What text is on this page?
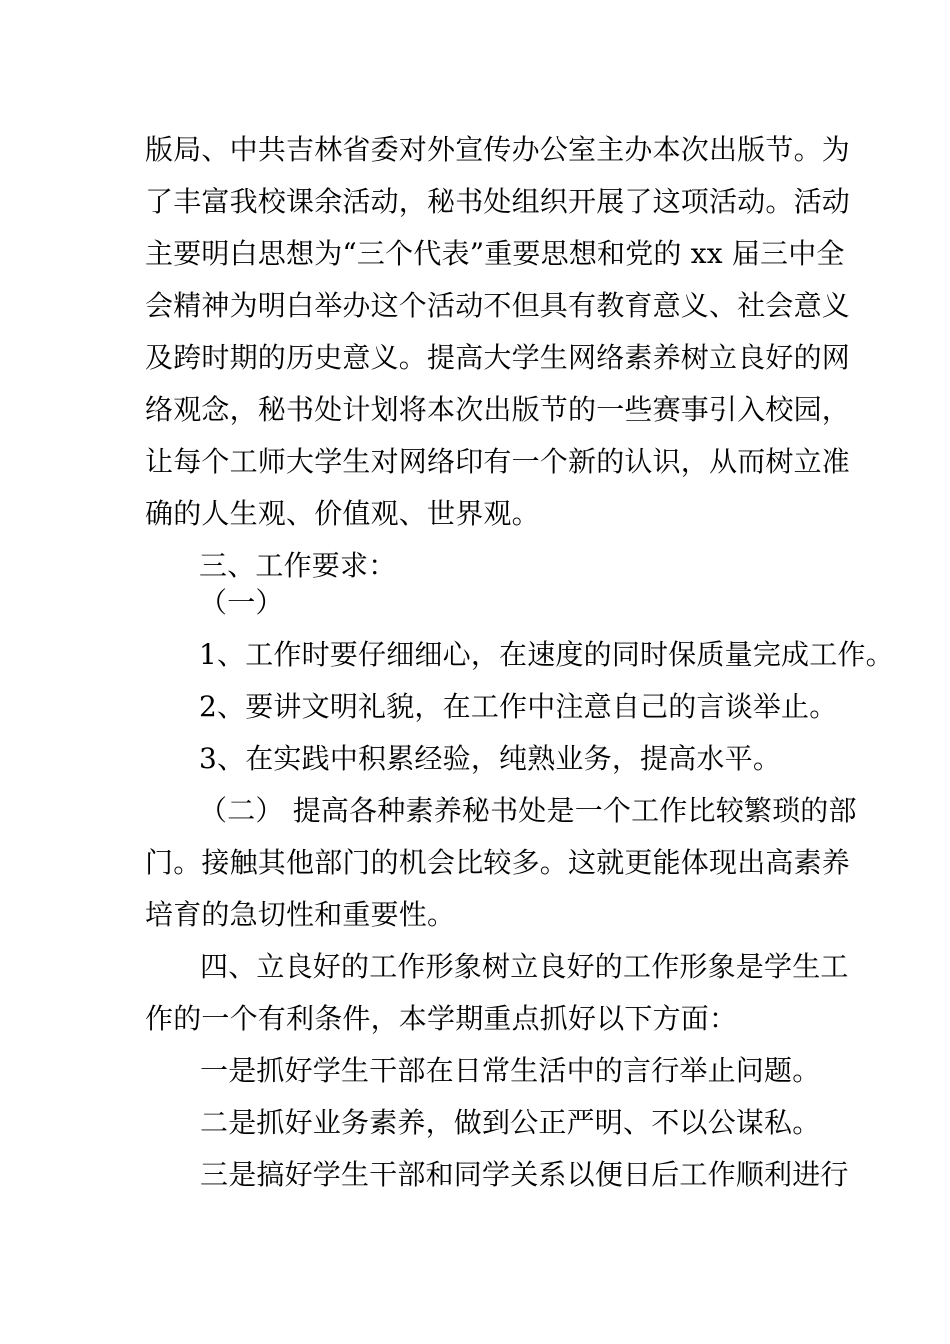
版局、中共吉林省委对外宣传办公室主办本次出版节。为
了丰富我校课余活动，秘书处组织开展了这项活动。活动
主要明白思想为“三个代表”重要思想和党的 xx 届三中全
会精神为明白举办这个活动不但具有教育意义、社会意义
及跨时期的历史意义。提高大学生网络素养树立良好的网
络观念，秘书处计划将本次出版节的一些赛事引入校园，
让每个工师大学生对网络印有一个新的认识，从而树立准
确的人生观、价值观、世界观。
三、工作要求：
（一）
1、工作时要仔细细心，在速度的同时保质量完成工作。
2、要讲文明礼貌，在工作中注意自己的言谈举止。
3、在实践中积累经验，纯熟业务，提高水平。
（二） 提高各种素养秘书处是一个工作比较繁琐的部
门。接触其他部门的机会比较多。这就更能体现出高素养
培育的急切性和重要性。
四、立良好的工作形象树立良好的工作形象是学生工
作的一个有利条件，本学期重点抓好以下方面：
一是抓好学生干部在日常生活中的言行举止问题。
二是抓好业务素养，做到公正严明、不以公谋私。
三是搞好学生干部和同学关系以便日后工作顺利进行
